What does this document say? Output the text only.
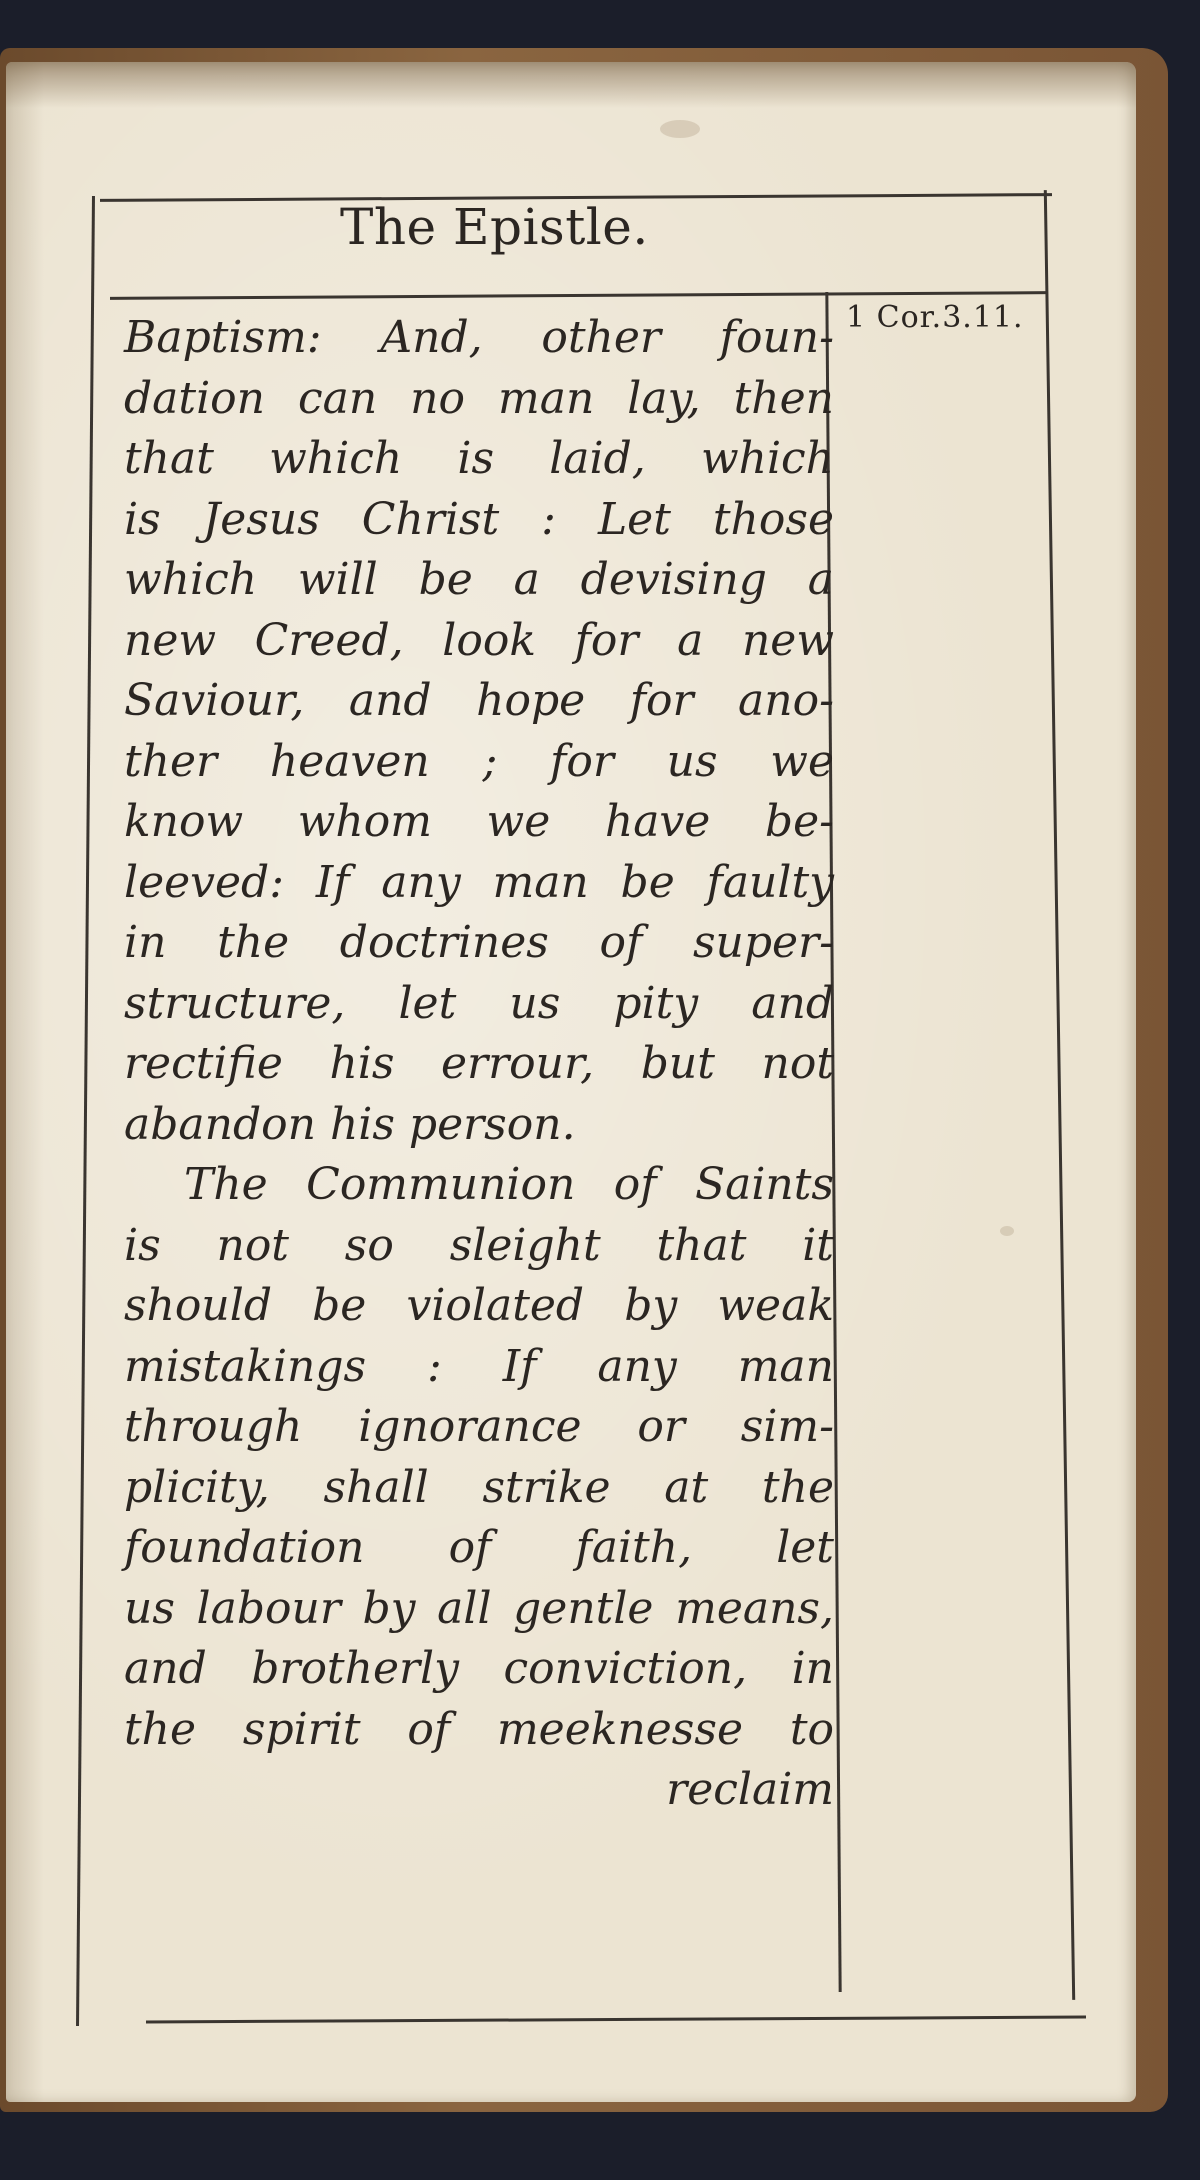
The Epistle.
1 Cor.3.11.
Baptism: And, other foun-
dation can no man lay, then
that which is laid, which
is Jesus Christ : Let those
which will be a devising a
new Creed, look for a new
Saviour, and hope for ano-
ther heaven ; for us we
know whom we have be-
leeved: If any man be faulty
in the doctrines of super-
structure, let us pity and
rectifie his errour, but not
abandon his person.
The Communion of Saints
is not so sleight that it
should be violated by weak
mistakings : If any man
through ignorance or sim-
plicity, shall strike at the
foundation of faith, let
us labour by all gentle means,
and brotherly conviction, in
the spirit of meeknesse to
reclaim
